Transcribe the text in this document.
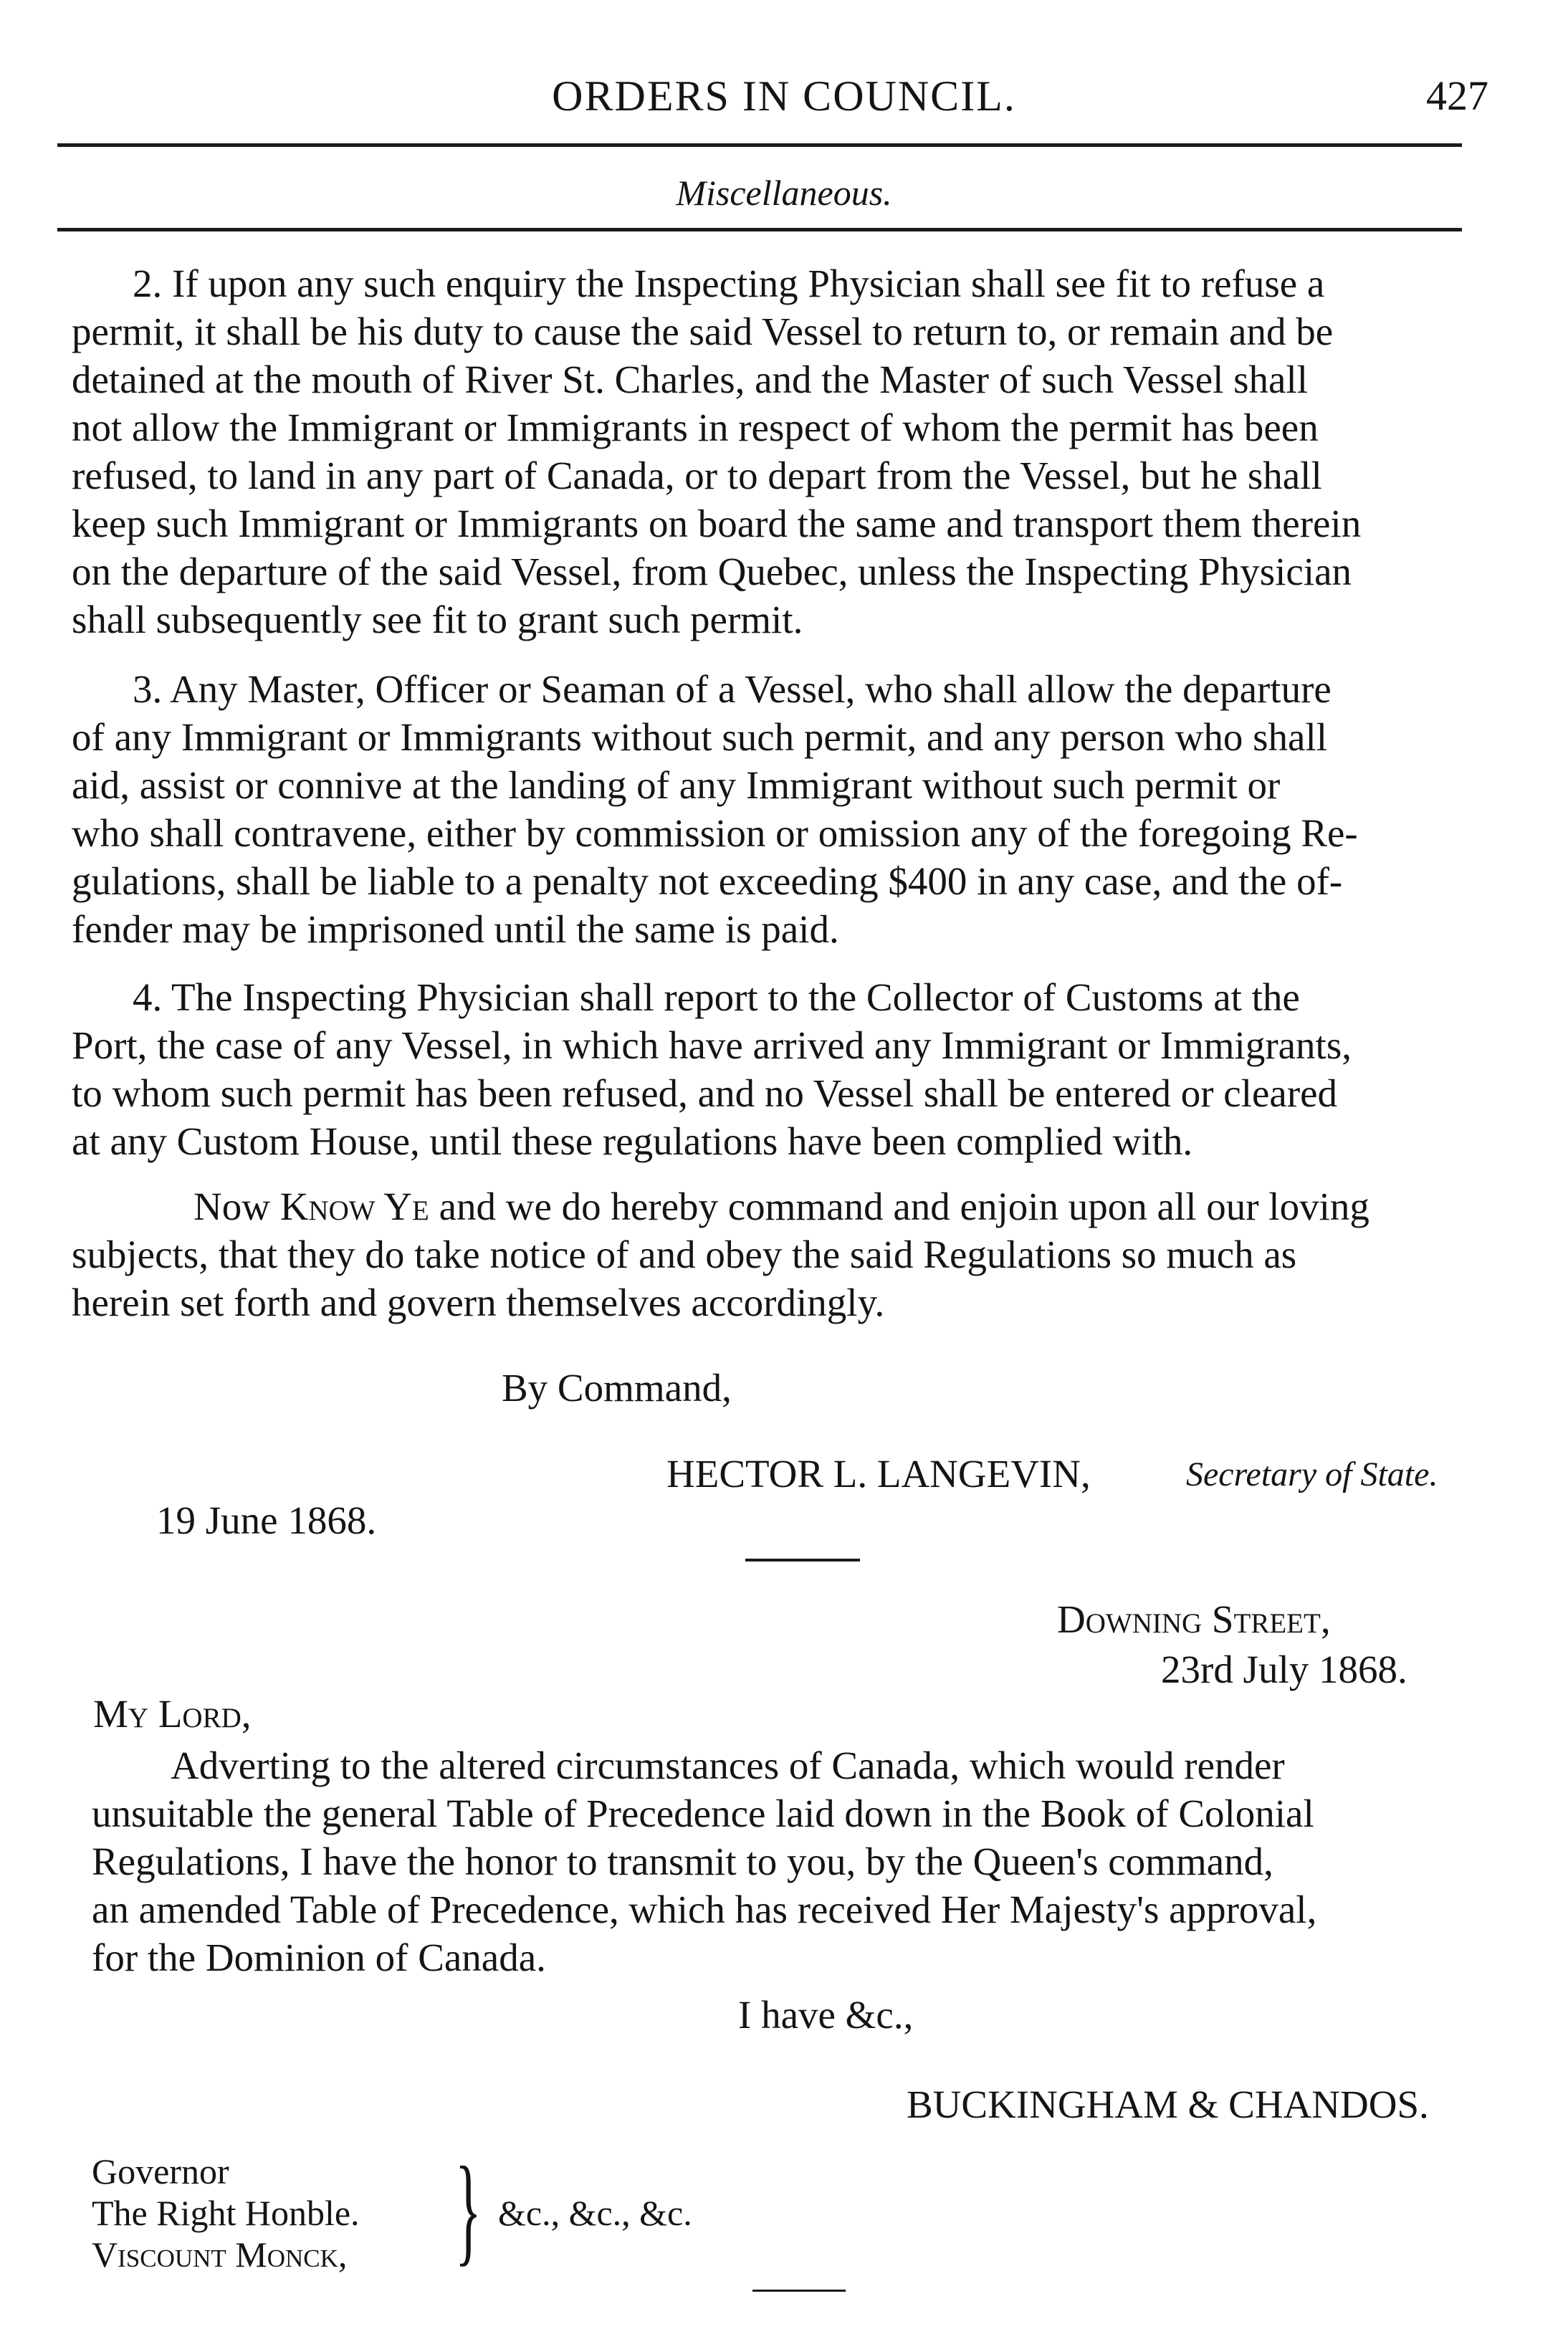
ORDERS IN COUNCIL.	427
Miscellaneous.
2. If upon any such enquiry the Inspecting Physician shall see fit to refuse a
permit, it shall be his duty to cause the said Vessel to return to, or remain and be
detained at the mouth of River St. Charles, and the Master of such Vessel shall
not allow the Immigrant or Immigrants in respect of whom the permit has been
refused, to land in any part of Canada, or to depart from the Vessel, but he shall
keep such Immigrant or Immigrants on board the same and transport them therein
on the departure of the said Vessel, from Quebec, unless the Inspecting Physician
shall subsequently see fit to grant such permit.
3. Any Master, Officer or Seaman of a Vessel, who shall allow the departure
of any Immigrant or Immigrants without such permit, and any person who shall
aid, assist or connive at the landing of any Immigrant without such permit or
who shall contravene, either by commission or omission any of the foregoing Re-
gulations, shall be liable to a penalty not exceeding $400 in any case, and the of-
fender may be imprisoned until the same is paid.
4. The Inspecting Physician shall report to the Collector of Customs at the
Port, the case of any Vessel, in which have arrived any Immigrant or Immigrants,
to whom such permit has been refused, and no Vessel shall be entered or cleared
at any Custom House, until these regulations have been complied with.
Now Know Ye and we do hereby command and enjoin upon all our loving
subjects, that they do take notice of and obey the said Regulations so much as
herein set forth and govern themselves accordingly.
By Command,
HECTOR L. LANGEVIN,	Secretary of State.
19 June 1868.
Downing Street,
23rd July 1868.
My Lord,
Adverting to the altered circumstances of Canada, which would render
unsuitable the general Table of Precedence laid down in the Book of Colonial
Regulations, I have the honor to transmit to you, by the Queen's command,
an amended Table of Precedence, which has received Her Majesty's approval,
for the Dominion of Canada.
I have &c.,
BUCKINGHAM & CHANDOS.
Governor
The Right Honble.
Viscount Monck, } &c., &c., &c.
